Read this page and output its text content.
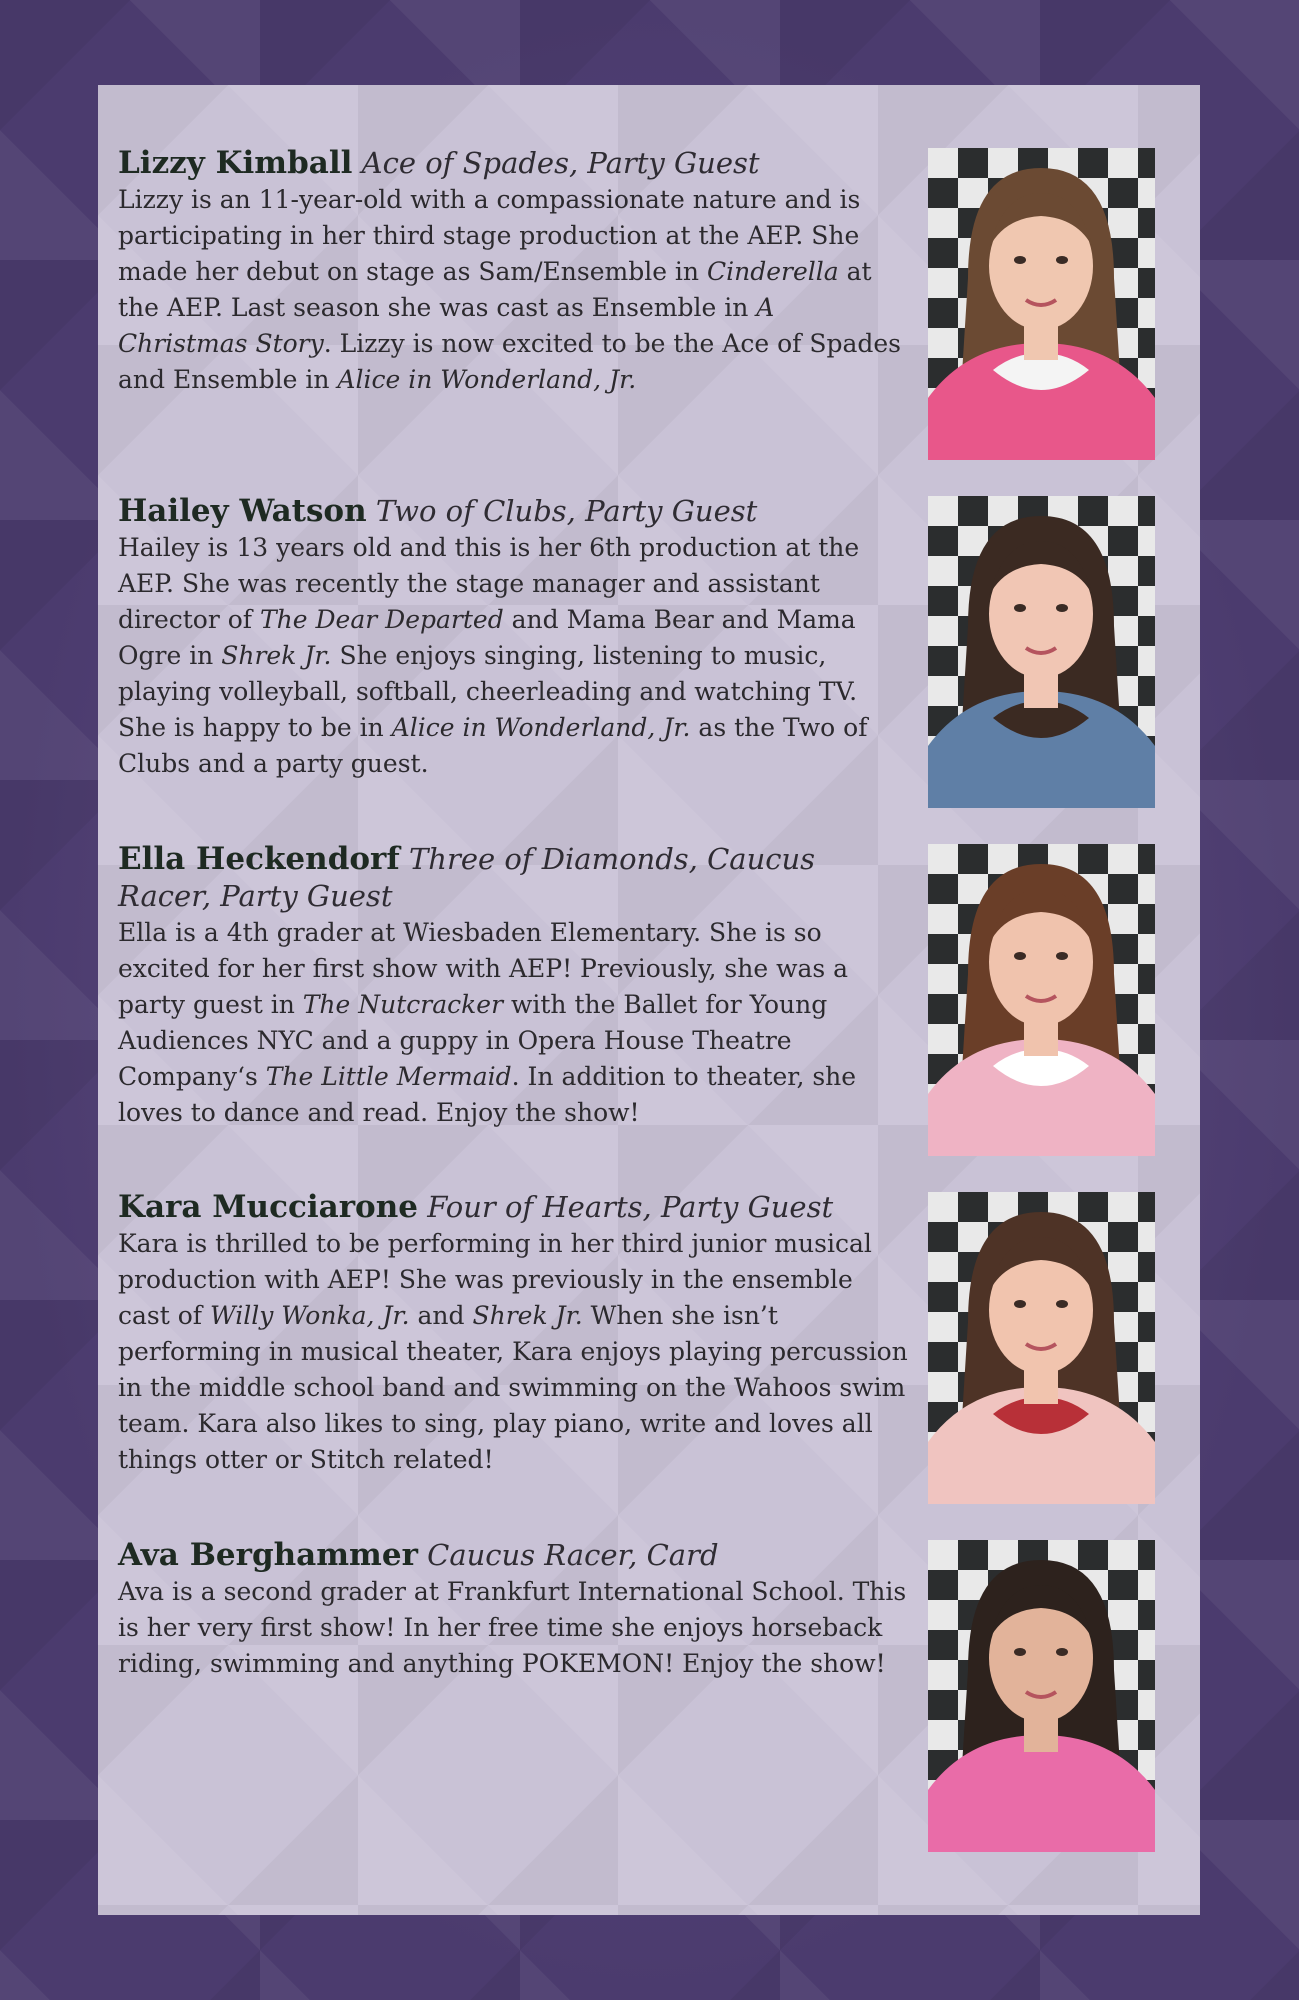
Lizzy Kimball Ace of Spades, Party Guest
Lizzy is an 11-year-old with a compassionate nature and is participating in her third stage production at the AEP. She made her debut on stage as Sam/Ensemble in Cinderella at the AEP. Last season she was cast as Ensemble in A Christmas Story. Lizzy is now excited to be the Ace of Spades and Ensemble in Alice in Wonderland, Jr.
Hailey Watson Two of Clubs, Party Guest
Hailey is 13 years old and this is her 6th production at the AEP. She was recently the stage manager and assistant director of The Dear Departed and Mama Bear and Mama Ogre in Shrek Jr. She enjoys singing, listening to music, playing volleyball, softball, cheerleading and watching TV. She is happy to be in Alice in Wonderland, Jr. as the Two of Clubs and a party guest.
Ella Heckendorf Three of Diamonds, Caucus Racer, Party Guest
Ella is a 4th grader at Wiesbaden Elementary. She is so excited for her first show with AEP! Previously, she was a party guest in The Nutcracker with the Ballet for Young Audiences NYC and a guppy in Opera House Theatre Company‘s The Little Mermaid. In addition to theater, she loves to dance and read. Enjoy the show!
Kara Mucciarone Four of Hearts, Party Guest
Kara is thrilled to be performing in her third junior musical production with AEP! She was previously in the ensemble cast of Willy Wonka, Jr. and Shrek Jr. When she isn’t performing in musical theater, Kara enjoys playing percussion in the middle school band and swimming on the Wahoos swim team. Kara also likes to sing, play piano, write and loves all things otter or Stitch related!
Ava Berghammer Caucus Racer, Card
Ava is a second grader at Frankfurt International School. This is her very first show! In her free time she enjoys horseback riding, swimming and anything POKEMON! Enjoy the show!
